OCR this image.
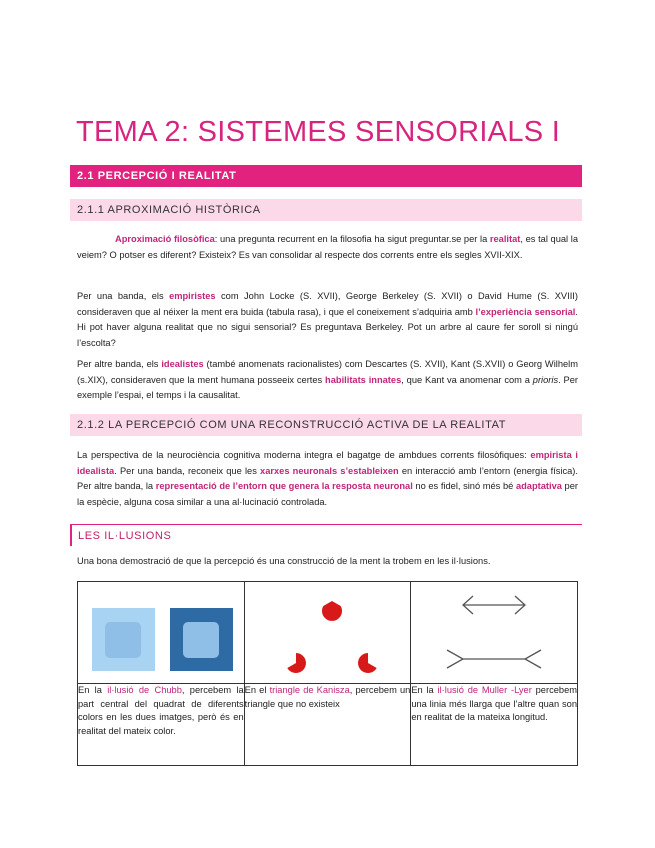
TEMA 2: SISTEMES SENSORIALS I
2.1 PERCEPCIÓ I REALITAT
2.1.1 APROXIMACIÓ HISTÒRICA

Aproximació filosòfica: una pregunta recurrent en la filosofia ha sigut preguntar.se per la realitat, es tal qual la veiem? O potser es diferent? Existeix? Es van consolidar al respecte dos corrents entre els segles XVII-XIX.

Per una banda, els empiristes com John Locke (S. XVII), George Berkeley (S. XVII) o David Hume (S. XVIII) consideraven que al néixer la ment era buida (tabula rasa), i que el coneixement s’adquiria amb l’experiència sensorial. Hi pot haver alguna realitat que no sigui sensorial? Es preguntava Berkeley. Pot un arbre al caure fer soroll si ningú l’escolta?

Per altre banda, els idealistes (també anomenats racionalistes) com Descartes (S. XVII), Kant (S.XVII) o Georg Wilhelm (s.XIX), consideraven que la ment humana posseeix certes habilitats innates, que Kant va anomenar com a prioris. Per exemple l’espai, el temps i la causalitat.

2.1.2 LA PERCEPCIÓ COM UNA RECONSTRUCCIÓ ACTIVA DE LA REALITAT

La perspectiva de la neurociència cognitiva moderna integra el bagatge de ambdues corrents filosòfiques: empirista i idealista. Per una banda, reconeix que les xarxes neuronals s’estableixen en interacció amb l’entorn (energia física). Per altre banda, la representació de l’entorn que genera la resposta neuronal no es fidel, sinó més bé adaptativa per la espècie, alguna cosa similar a una al·lucinació controlada.

LES IL·LUSIONS

Una bona demostració de que la percepció és una construcció de la ment la trobem en les il·lusions.

En la il·lusió de Chubb, percebem la part central del quadrat de diferents colors en les dues imatges, però és en realitat del mateix color.	En el triangle de Kanisza, percebem un triangle que no existeix	En la il·lusió de Muller -Lyer percebem una linia més llarga que l’altre quan son en realitat de la mateixa longitud.
